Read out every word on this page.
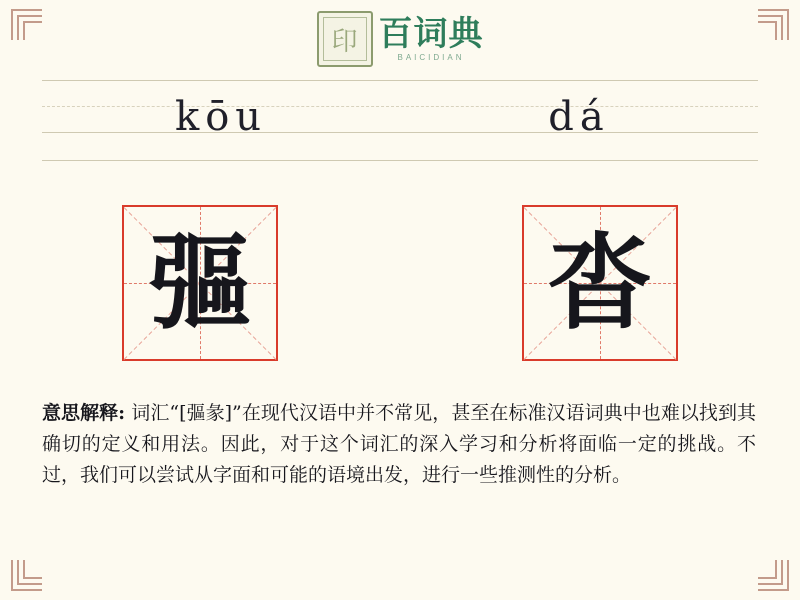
印 百词典
BAICIDIAN
kōu	dá
彄	沓
意思解释: 词汇“[彄彖]”在现代汉语中并不常见，甚至在标准汉语词典中也难以找到其确切的定义和用法。因此，对于这个词汇的深入学习和分析将面临一定的挑战。不过，我们可以尝试从字面和可能的语境出发，进行一些推测性的分析。
